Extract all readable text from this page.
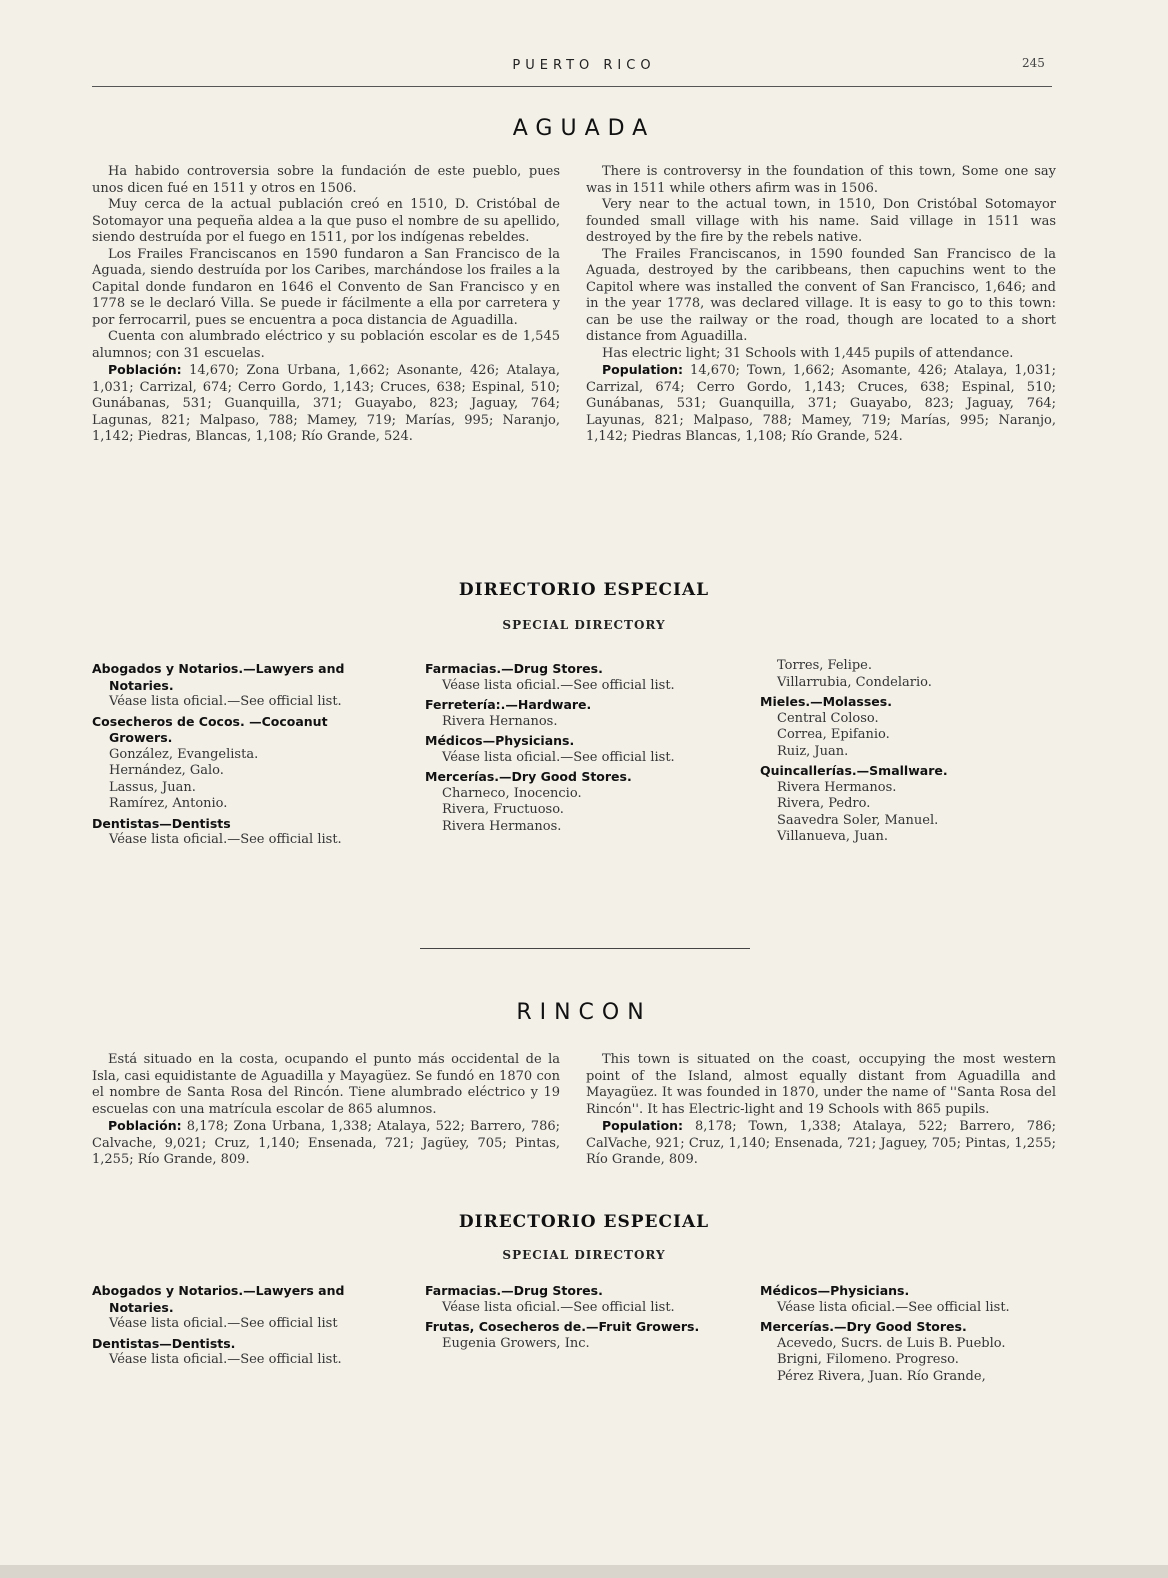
PUERTO RICO	245
AGUADA

Ha habido controversia sobre la fundación de este pueblo, pues unos dicen fué en 1511 y otros en 1506.

Muy cerca de la actual publación creó en 1510, D. Cristóbal de Sotomayor una pequeña aldea a la que puso el nombre de su apellido, siendo destruída por el fuego en 1511, por los indígenas rebeldes.

Los Frailes Franciscanos en 1590 fundaron a San Francisco de la Aguada, siendo destruída por los Caribes, marchándose los frailes a la Capital donde fundaron en 1646 el Convento de San Francisco y en 1778 se le declaró Villa. Se puede ir fácilmente a ella por carretera y por ferrocarril, pues se encuentra a poca distancia de Aguadilla.

Cuenta con alumbrado eléctrico y su población escolar es de 1,545 alumnos; con 31 escuelas.

Población: 14,670; Zona Urbana, 1,662; Asonante, 426; Atalaya, 1,031; Carrizal, 674; Cerro Gordo, 1,143; Cruces, 638; Espinal, 510; Gunábanas, 531; Guanquilla, 371; Guayabo, 823; Jaguay, 764; Lagunas, 821; Malpaso, 788; Mamey, 719; Marías, 995; Naranjo, 1,142; Piedras, Blancas, 1,108; Río Grande, 524.

There is controversy in the foundation of this town, Some one say was in 1511 while others afirm was in 1506.

Very near to the actual town, in 1510, Don Cristóbal Sotomayor founded small village with his name. Said village in 1511 was destroyed by the fire by the rebels native.

The Frailes Franciscanos, in 1590 founded San Francisco de la Aguada, destroyed by the caribbeans, then capuchins went to the Capitol where was installed the convent of San Francisco, 1,646; and in the year 1778, was declared village. It is easy to go to this town: can be use the railway or the road, though are located to a short distance from Aguadilla.

Has electric light; 31 Schools with 1,445 pupils of attendance.

Population: 14,670; Town, 1,662; Asomante, 426; Atalaya, 1,031; Carrizal, 674; Cerro Gordo, 1,143; Cruces, 638; Espinal, 510; Gunábanas, 531; Guanquilla, 371; Guayabo, 823; Jaguay, 764; Layunas, 821; Malpaso, 788; Mamey, 719; Marías, 995; Naranjo, 1,142; Piedras Blancas, 1,108; Río Grande, 524.

DIRECTORIO ESPECIAL
SPECIAL DIRECTORY
Abogados y Notarios.—Lawyers and Notaries.
Véase lista oficial.—See official list.
Cosecheros de Cocos. —Cocoanut Growers.
González, Evangelista.
Hernández, Galo.
Lassus, Juan.
Ramírez, Antonio.
Dentistas—Dentists
Véase lista oficial.—See official list.
Farmacias.—Drug Stores.
Véase lista oficial.—See official list.
Ferretería:.—Hardware.
Rivera Hernanos.
Médicos—Physicians.
Véase lista oficial.—See official list.
Mercerías.—Dry Good Stores.
Charneco, Inocencio.
Rivera, Fructuoso.
Rivera Hermanos.
Torres, Felipe.
Villarrubia, Condelario.
Mieles.—Molasses.
Central Coloso.
Correa, Epifanio.
Ruiz, Juan.
Quincallerías.—Smallware.
Rivera Hermanos.
Rivera, Pedro.
Saavedra Soler, Manuel.
Villanueva, Juan.
RINCON

Está situado en la costa, ocupando el punto más occidental de la Isla, casi equidistante de Aguadilla y Mayagüez. Se fundó en 1870 con el nombre de Santa Rosa del Rincón. Tiene alumbrado eléctrico y 19 escuelas con una matrícula escolar de 865 alumnos.

Población: 8,178; Zona Urbana, 1,338; Atalaya, 522; Barrero, 786; Calvache, 9,021; Cruz, 1,140; Ensenada, 721; Jagüey, 705; Pintas, 1,255; Río Grande, 809.

This town is situated on the coast, occupying the most western point of the Island, almost equally distant from Aguadilla and Mayagüez. It was founded in 1870, under the name of ''Santa Rosa del Rincón''. It has Electric-light and 19 Schools with 865 pupils.

Population: 8,178; Town, 1,338; Atalaya, 522; Barrero, 786; CalVache, 921; Cruz, 1,140; Ensenada, 721; Jaguey, 705; Pintas, 1,255; Río Grande, 809.

DIRECTORIO ESPECIAL
SPECIAL DIRECTORY
Abogados y Notarios.—Lawyers and Notaries.
Véase lista oficial.—See official list
Dentistas—Dentists.
Véase lista oficial.—See official list.
Farmacias.—Drug Stores.
Véase lista oficial.—See official list.
Frutas, Cosecheros de.—Fruit Growers.
Eugenia Growers, Inc.
Médicos—Physicians.
Véase lista oficial.—See official list.
Mercerías.—Dry Good Stores.
Acevedo, Sucrs. de Luis B. Pueblo.
Brigni, Filomeno. Progreso.
Pérez Rivera, Juan. Río Grande,
